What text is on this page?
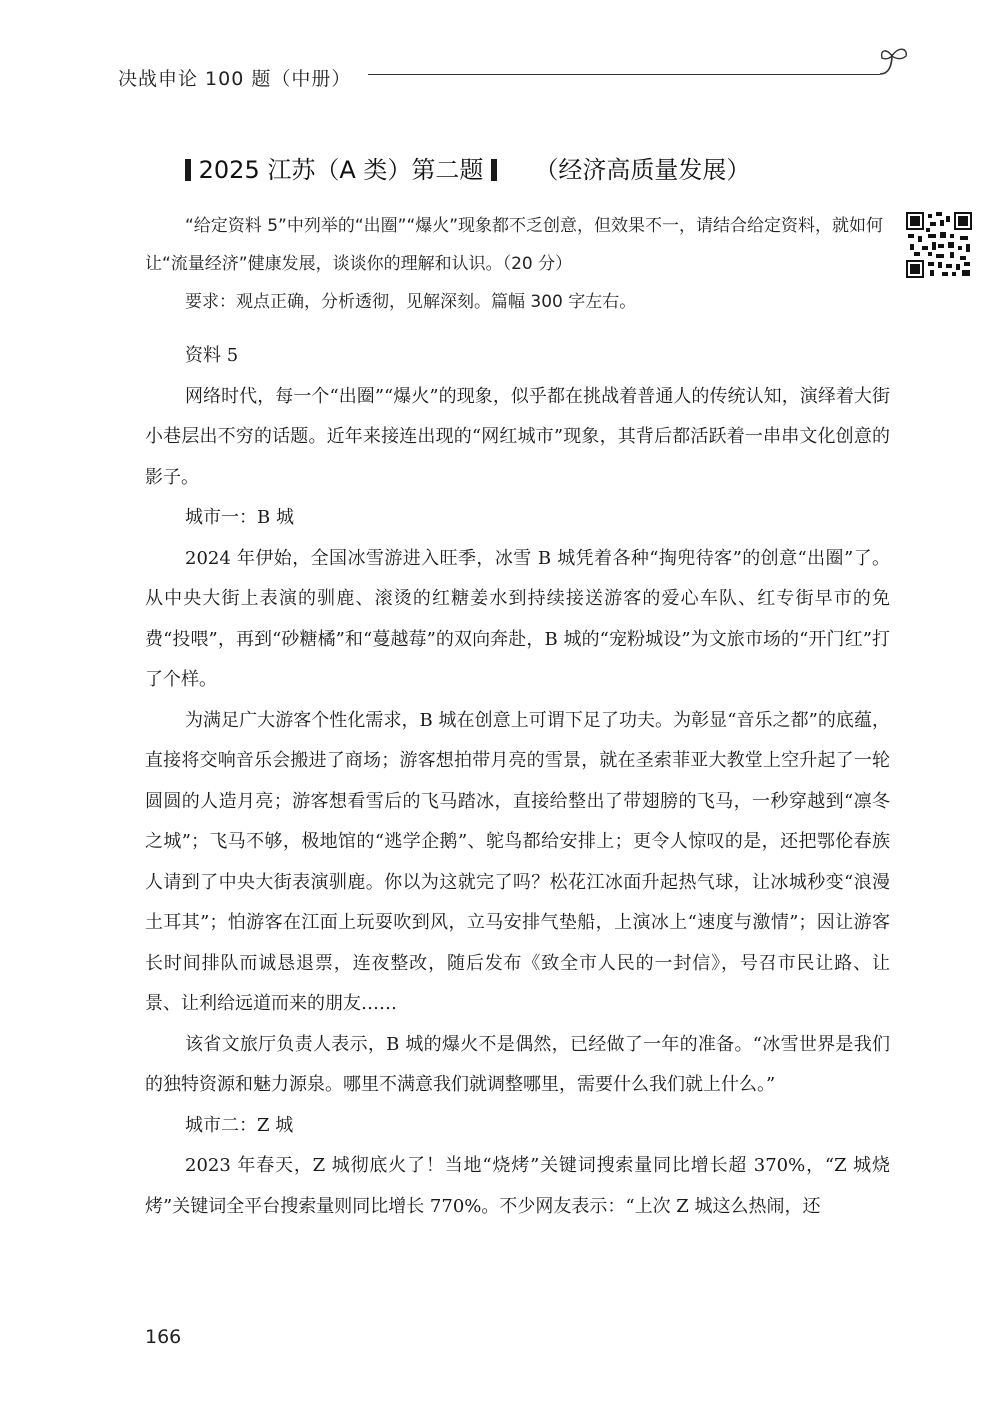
决战申论 100 题（中册）
2025 江苏（A 类）第二题 （经济高质量发展）

“给定资料 5”中列举的“出圈”“爆火”现象都不乏创意，但效果不一，请结合给定资料，就如何让“流量经济”健康发展，谈谈你的理解和认识。（20 分）

要求：观点正确，分析透彻，见解深刻。篇幅 300 字左右。

资料 5

网络时代，每一个“出圈”“爆火”的现象，似乎都在挑战着普通人的传统认知，演绎着大街小巷层出不穷的话题。近年来接连出现的“网红城市”现象，其背后都活跃着一串串文化创意的影子。

城市一：B 城

2024 年伊始，全国冰雪游进入旺季，冰雪 B 城凭着各种“掏兜待客”的创意“出圈”了。从中央大街上表演的驯鹿、滚烫的红糖姜水到持续接送游客的爱心车队、红专街早市的免费“投喂”，再到“砂糖橘”和“蔓越莓”的双向奔赴，B 城的“宠粉城设”为文旅市场的“开门红”打了个样。

为满足广大游客个性化需求，B 城在创意上可谓下足了功夫。为彰显“音乐之都”的底蕴，直接将交响音乐会搬进了商场；游客想拍带月亮的雪景，就在圣索菲亚大教堂上空升起了一轮圆圆的人造月亮；游客想看雪后的飞马踏冰，直接给整出了带翅膀的飞马，一秒穿越到“凛冬之城”；飞马不够，极地馆的“逃学企鹅”、鸵鸟都给安排上；更令人惊叹的是，还把鄂伦春族人请到了中央大街表演驯鹿。你以为这就完了吗？松花江冰面升起热气球，让冰城秒变“浪漫土耳其”；怕游客在江面上玩耍吹到风，立马安排气垫船，上演冰上“速度与激情”；因让游客长时间排队而诚恳退票，连夜整改，随后发布《致全市人民的一封信》，号召市民让路、让景、让利给远道而来的朋友……

该省文旅厅负责人表示，B 城的爆火不是偶然，已经做了一年的准备。“冰雪世界是我们的独特资源和魅力源泉。哪里不满意我们就调整哪里，需要什么我们就上什么。”

城市二：Z 城

2023 年春天，Z 城彻底火了！当地“烧烤”关键词搜索量同比增长超 370%，“Z 城烧烤”关键词全平台搜索量则同比增长 770%。不少网友表示：“上次 Z 城这么热闹，还

166
